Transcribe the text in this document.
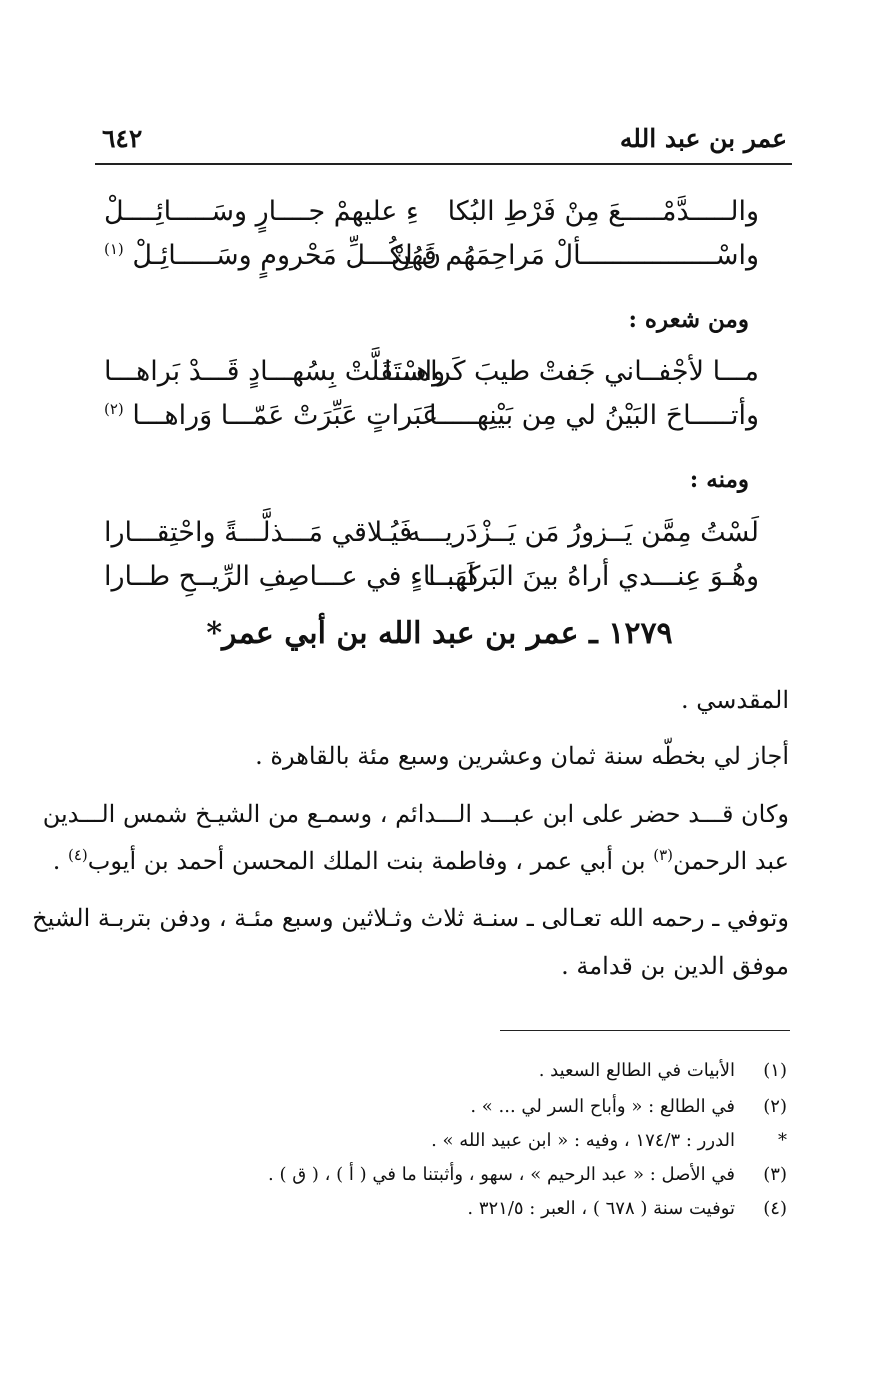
عمر بن عبد الله
٦٤٢
والـــــدَّمْـــــعَ مِنْ فَرْطِ البُكا
ءِ عليهمْ جــــارٍ وسَـــــائِــــلْ
واسْـــــــــــــــــألْ مَراحِمَهُم فَهُنْ
نَ لِكُـــلِّ مَحْرومٍ وسَـــــائِـلْ $^{(١)}$
ومن شعره :
مـــا لأجْفــاني جَفتْ طيبَ كَراهـــا
واسْتَقَلَّتْ بِسُهـــادٍ قَـــدْ بَراهـــا
وأتـــــاحَ البَيْنُ لي مِن بَيْنِهـــــا
عَبَراتٍ عَبِّرَتْ عَمّـــا وَراهـــا $^{(٢)}$
ومنه :
لَسْتُ مِمَّن يَــزورُ مَن يَــزْدَريـــه
فَيُـلاقي مَـــذلَّـــةً واحْتِقـــارا
وهُـوَ عِنـــدي أراهُ بينَ البَرايـــا
كَهَبــاءٍ في عـــاصِفِ الرِّيــحِ طــارا
١٢٧٩ ـ عمر بن عبد الله بن أبي عمر*
المقدسي .
أجاز لي بخطّه سنة ثمان وعشرين وسبع مئة بالقاهرة .
وكان قـــد حضر على ابن عبـــد الـــدائم ، وسمـع من الشيـخ شمس الـــدين
عبد الرحمن$^{(٣)}$ بن أبي عمر ، وفاطمة بنت الملك المحسن أحمد بن أيوب$^{(٤)}$ .
وتوفي ـ رحمه الله تعـالى ـ سنـة ثلاث وثـلاثين وسبع مئـة ، ودفن بتربـة الشيخ
موفق الدين بن قدامة .
(١)الأبيات في الطالع السعيد .
(٢)في الطالع : « وأباح السر لي ... » .
*الدرر : ١٧٤/٣ ، وفيه : « ابن عبيد الله » .
(٣)في الأصل : « عبد الرحيم » ، سهو ، وأثبتنا ما في ( أ ) ، ( ق ) .
(٤)توفيت سنة ( ٦٧٨ ) ، العبر : ٣٢١/٥ .
